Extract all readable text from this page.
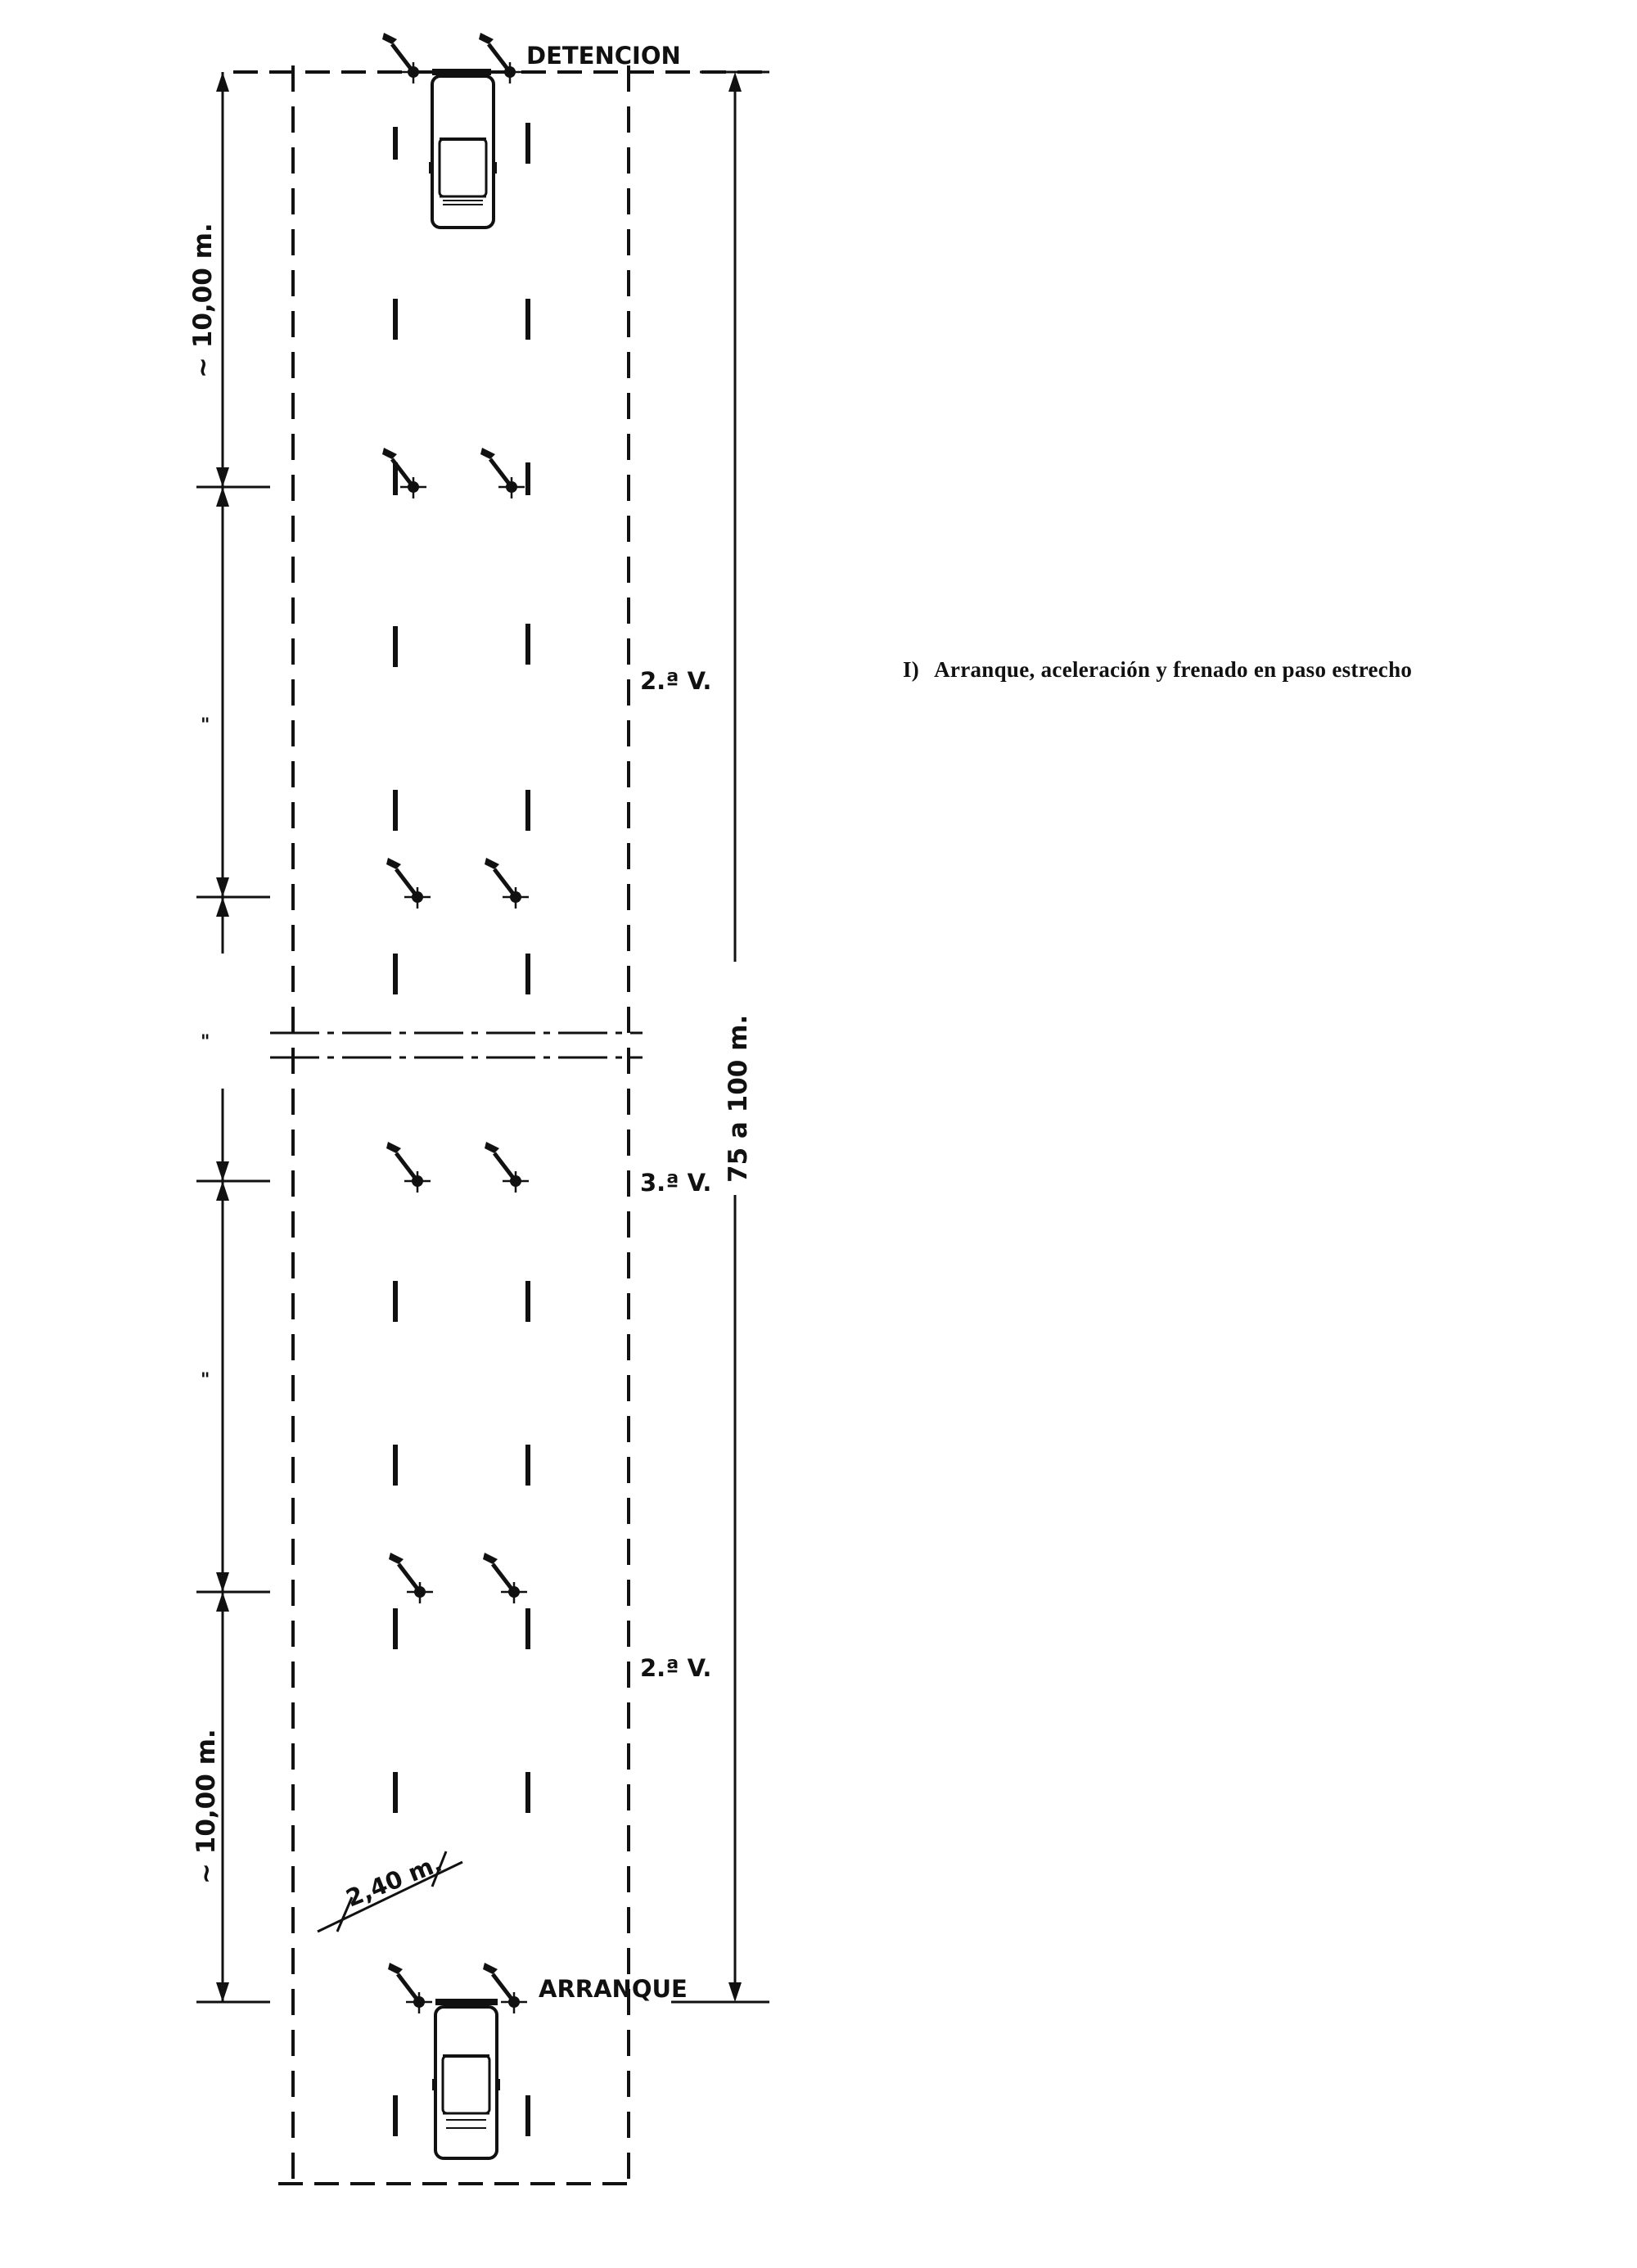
DETENCION
ARRANQUE
2.ª V.
3.ª V.
2.ª V.
75 a 100 m.
~ 10,00 m.
~ 10,00 m.
"
"
"
2,40 m.
I) Arranque, aceleración y frenado en paso estrecho
